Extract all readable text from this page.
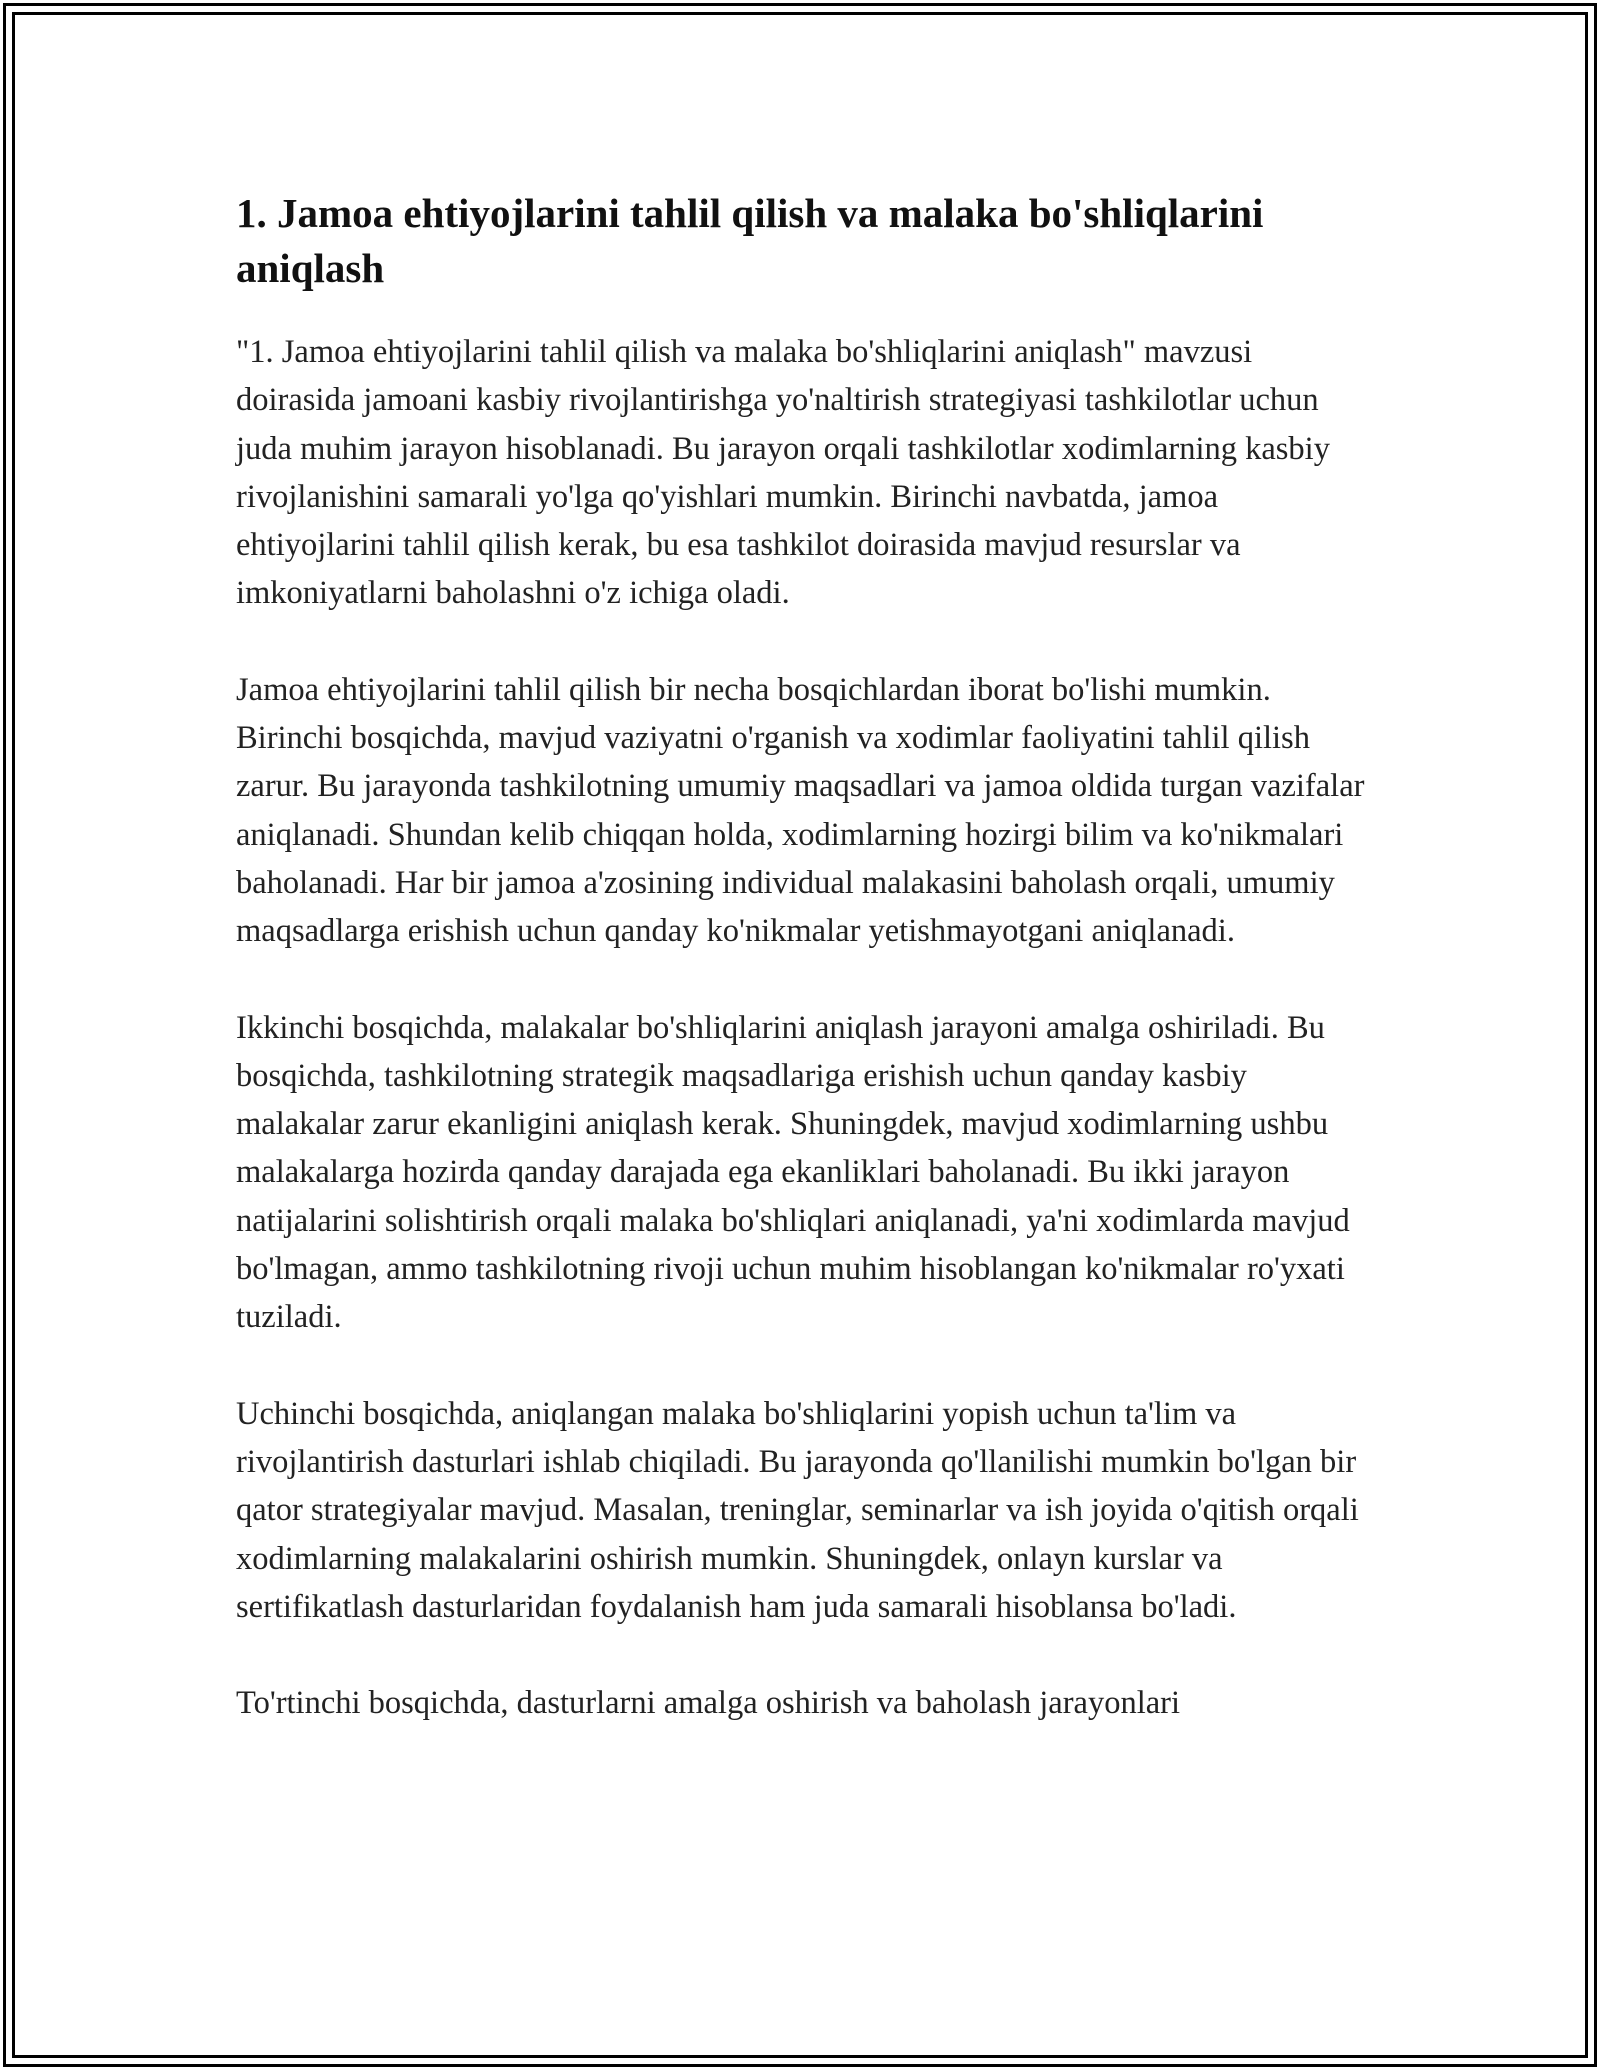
1. Jamoa ehtiyojlarini tahlil qilish va malaka bo'shliqlarini aniqlash

"1. Jamoa ehtiyojlarini tahlil qilish va malaka bo'shliqlarini aniqlash" mavzusi doirasida jamoani kasbiy rivojlantirishga yo'naltirish strategiyasi tashkilotlar uchun juda muhim jarayon hisoblanadi. Bu jarayon orqali tashkilotlar xodimlarning kasbiy rivojlanishini samarali yo'lga qo'yishlari mumkin. Birinchi navbatda, jamoa ehtiyojlarini tahlil qilish kerak, bu esa tashkilot doirasida mavjud resurslar va imkoniyatlarni baholashni o'z ichiga oladi.

Jamoa ehtiyojlarini tahlil qilish bir necha bosqichlardan iborat bo'lishi mumkin. Birinchi bosqichda, mavjud vaziyatni o'rganish va xodimlar faoliyatini tahlil qilish zarur. Bu jarayonda tashkilotning umumiy maqsadlari va jamoa oldida turgan vazifalar aniqlanadi. Shundan kelib chiqqan holda, xodimlarning hozirgi bilim va ko'nikmalari baholanadi. Har bir jamoa a'zosining individual malakasini baholash orqali, umumiy maqsadlarga erishish uchun qanday ko'nikmalar yetishmayotgani aniqlanadi.

Ikkinchi bosqichda, malakalar bo'shliqlarini aniqlash jarayoni amalga oshiriladi. Bu bosqichda, tashkilotning strategik maqsadlariga erishish uchun qanday kasbiy malakalar zarur ekanligini aniqlash kerak. Shuningdek, mavjud xodimlarning ushbu malakalarga hozirda qanday darajada ega ekanliklari baholanadi. Bu ikki jarayon natijalarini solishtirish orqali malaka bo'shliqlari aniqlanadi, ya'ni xodimlarda mavjud bo'lmagan, ammo tashkilotning rivoji uchun muhim hisoblangan ko'nikmalar ro'yxati tuziladi.

Uchinchi bosqichda, aniqlangan malaka bo'shliqlarini yopish uchun ta'lim va rivojlantirish dasturlari ishlab chiqiladi. Bu jarayonda qo'llanilishi mumkin bo'lgan bir qator strategiyalar mavjud. Masalan, treninglar, seminarlar va ish joyida o'qitish orqali xodimlarning malakalarini oshirish mumkin. Shuningdek, onlayn kurslar va sertifikatlash dasturlaridan foydalanish ham juda samarali hisoblansa bo'ladi.

To'rtinchi bosqichda, dasturlarni amalga oshirish va baholash jarayonlari
